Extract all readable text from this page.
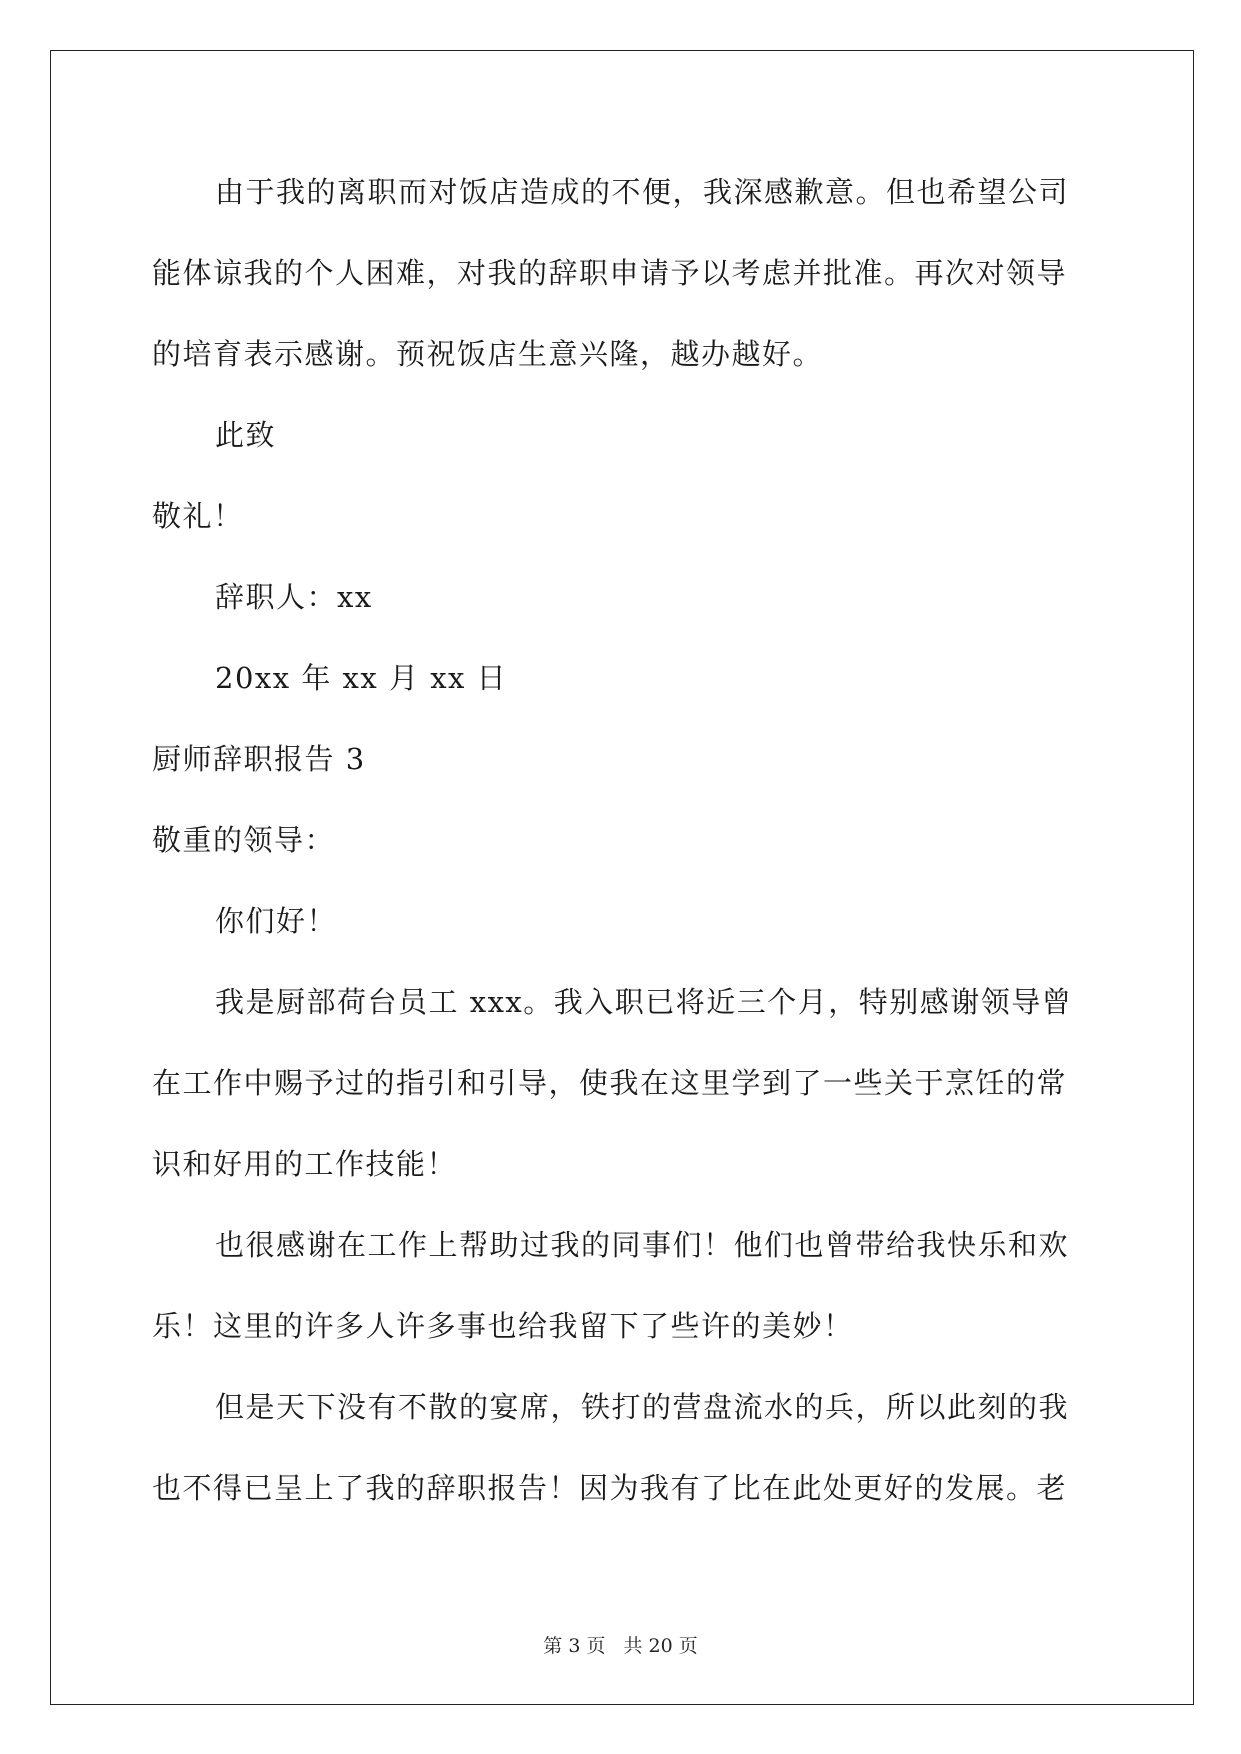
由于我的离职而对饭店造成的不便，我深感歉意。但也希望公司
能体谅我的个人困难，对我的辞职申请予以考虑并批准。再次对领导
的培育表示感谢。预祝饭店生意兴隆，越办越好。
此致
敬礼！
辞职人：xx
20xx 年 xx 月 xx 日
厨师辞职报告 3
敬重的领导：
你们好！
我是厨部荷台员工 xxx。我入职已将近三个月，特别感谢领导曾
在工作中赐予过的指引和引导，使我在这里学到了一些关于烹饪的常
识和好用的工作技能！
也很感谢在工作上帮助过我的同事们！他们也曾带给我快乐和欢
乐！这里的许多人许多事也给我留下了些许的美妙！
但是天下没有不散的宴席，铁打的营盘流水的兵，所以此刻的我
也不得已呈上了我的辞职报告！因为我有了比在此处更好的发展。老
第 3 页 共 20 页
